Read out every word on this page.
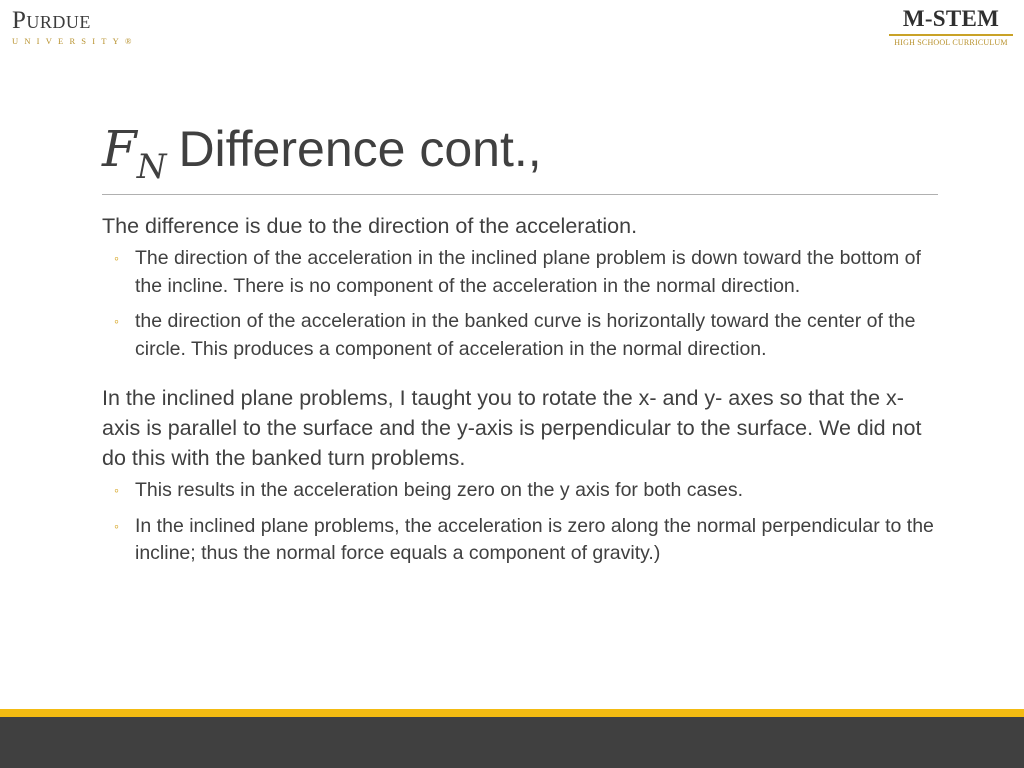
Purdue
UNIVERSITY®
M-STEM
HIGH SCHOOL CURRICULUM
$F_N$ Difference cont.,

The difference is due to the direction of the acceleration.

◦ The direction of the acceleration in the inclined plane problem is down toward the bottom of the incline. There is no component of the acceleration in the normal direction.
◦ the direction of the acceleration in the banked curve is horizontally toward the center of the circle. This produces a component of acceleration in the normal direction.

In the inclined plane problems, I taught you to rotate the x- and y- axes so that the x-axis is parallel to the surface and the y-axis is perpendicular to the surface. We did not do this with the banked turn problems.

◦ This results in the acceleration being zero on the y axis for both cases.
◦ In the inclined plane problems, the acceleration is zero along the normal perpendicular to the incline; thus the normal force equals a component of gravity.)
